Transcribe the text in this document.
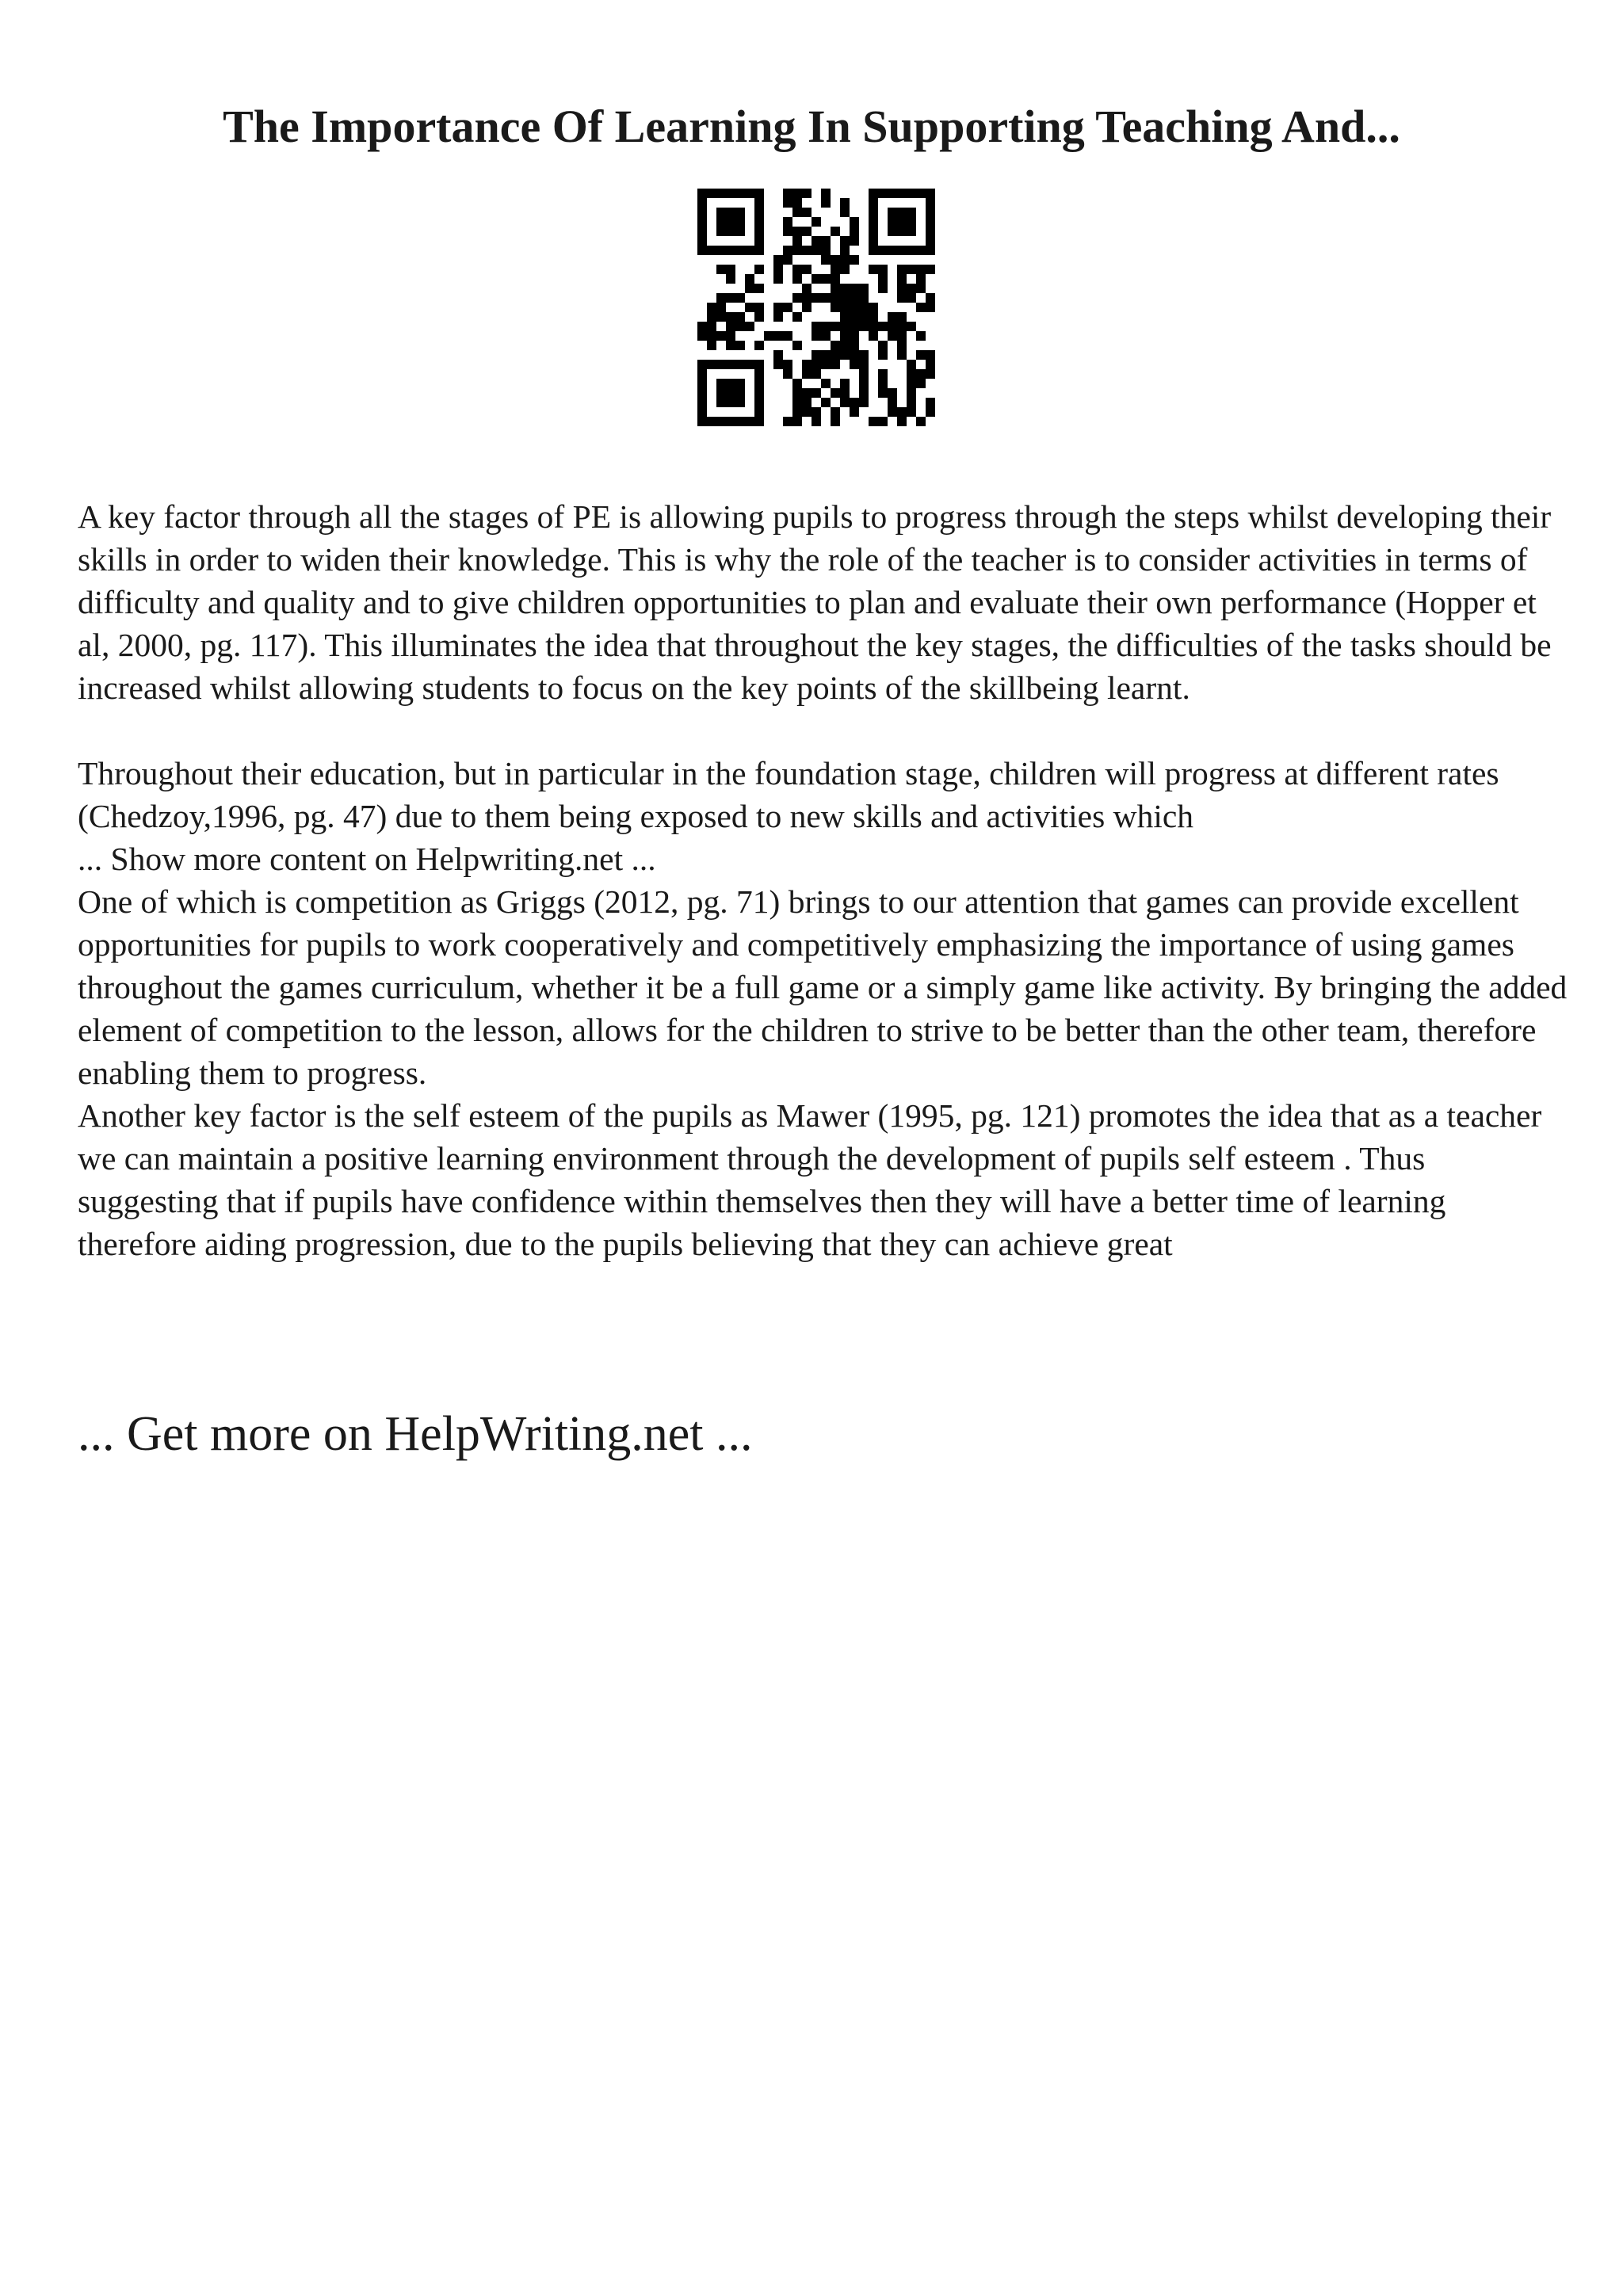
The Importance Of Learning In Supporting Teaching And...

A key factor through all the stages of PE is allowing pupils to progress through the steps whilst developing their skills in order to widen their knowledge. This is why the role of the teacher is to consider activities in terms of difficulty and quality and to give children opportunities to plan and evaluate their own performance (Hopper et al, 2000, pg. 117). This illuminates the idea that throughout the key stages, the difficulties of the tasks should be increased whilst allowing students to focus on the key points of the skillbeing learnt.

Throughout their education, but in particular in the foundation stage, children will progress at different rates (Chedzoy,1996, pg. 47) due to them being exposed to new skills and activities which

... Show more content on Helpwriting.net ...

One of which is competition as Griggs (2012, pg. 71) brings to our attention that games can provide excellent opportunities for pupils to work cooperatively and competitively emphasizing the importance of using games throughout the games curriculum, whether it be a full game or a simply game like activity. By bringing the added element of competition to the lesson, allows for the children to strive to be better than the other team, therefore enabling them to progress.

Another key factor is the self esteem of the pupils as Mawer (1995, pg. 121) promotes the idea that as a teacher we can maintain a positive learning environment through the development of pupils self esteem . Thus suggesting that if pupils have confidence within themselves then they will have a better time of learning therefore aiding progression, due to the pupils believing that they can achieve great

... Get more on HelpWriting.net ...
